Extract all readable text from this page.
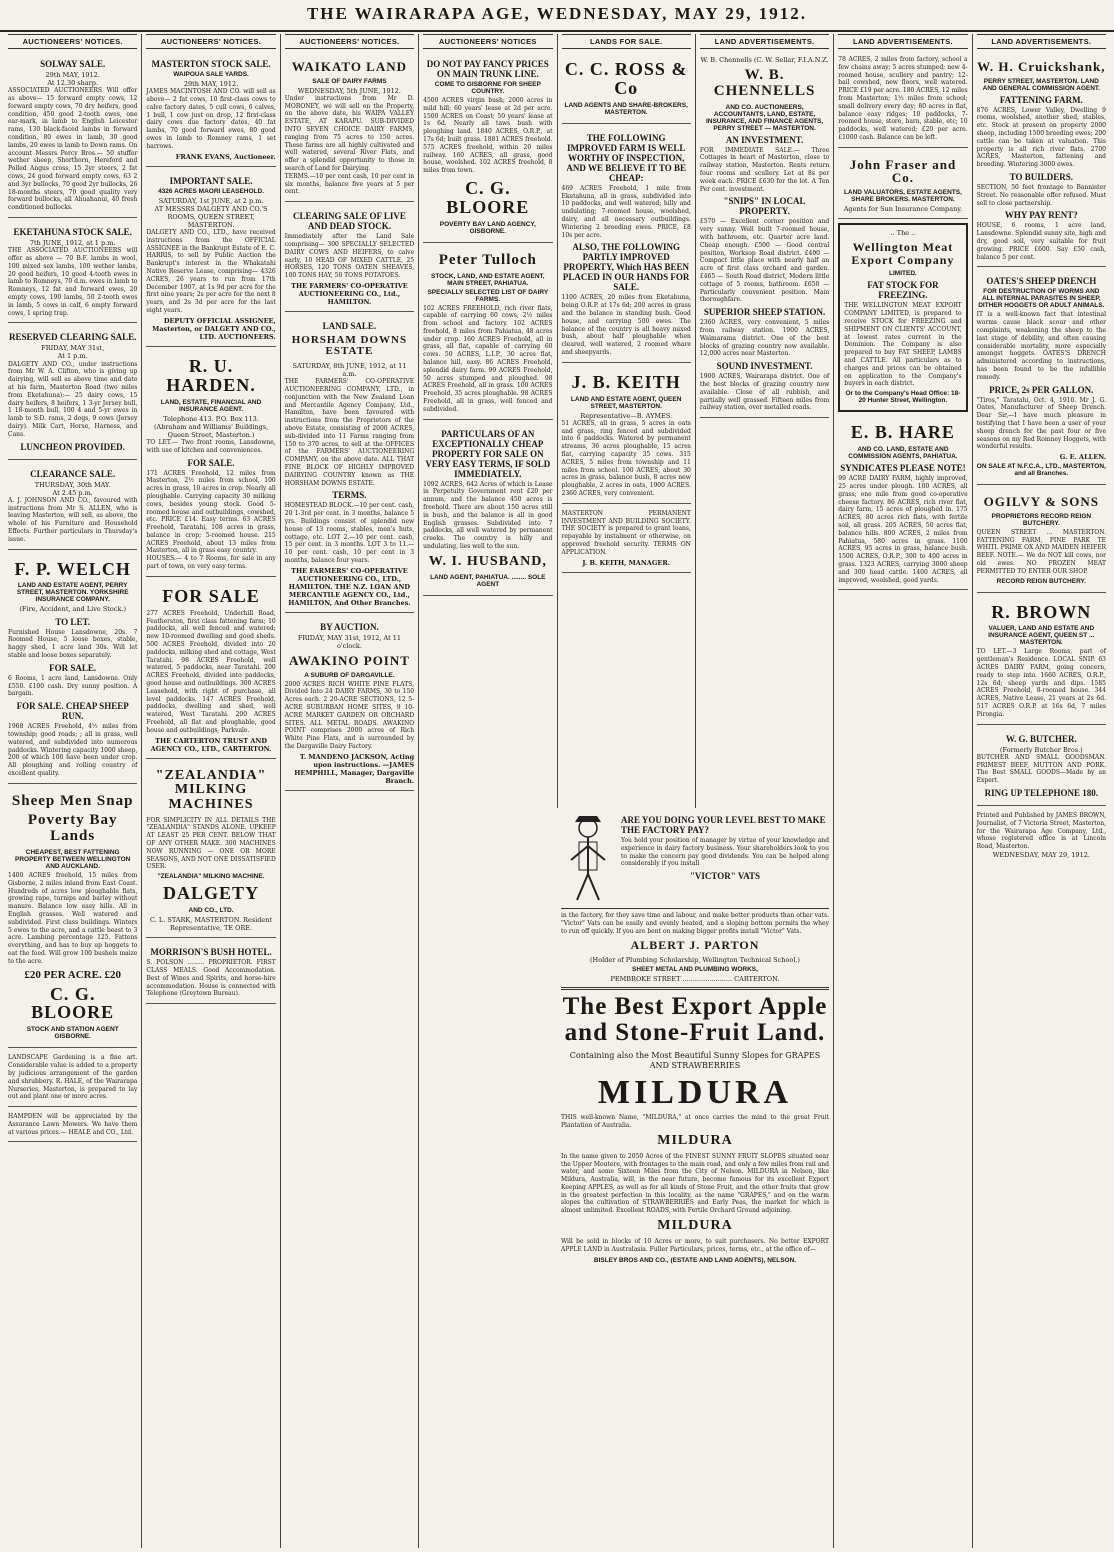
THE WAIRARAPA AGE, WEDNESDAY, MAY 29, 1912.
AUCTIONEERS' NOTICES.
SOLWAY SALE.
29th MAY, 1912.
At 12.30 sharp.
ASSOCIATED AUCTIONEERS Will offer as above— 15 forward empty cows, 12 forward empty cows, 70 dry heifers, good condition, 450 good 2-tooth ewes, one ear-mark, in lamb to English Leicester rams, 130 black-faced lambs in forward condition, 80 ewes in lamb, 30 good lambs, 20 ewes in lamb to Down rams. On account Messrs Percy Bros.— 50 stuffer wether sheep, Shorthorn, Hereford and Polled Angus cross, 15 2yr steers, 2 fat cows, 24 good forward empty cows, 63 2 and 3yr bullocks, 70 good 2yr bullocks, 26 18-months steers, 70 good quality very forward bullocks, all Ahuahanui, 40 fresh conditioned bullocks.
EKETAHUNA STOCK SALE.
7th JUNE, 1912, at 1 p.m.
THE ASSOCIATED AUCTIONEERS will offer as above — 70 B.F. lambs in wool, 100 mixed sex lambs, 100 wether lambs, 20 good heifers, 10 good 4-tooth ewes in lamb to Romneys, 70 d.m. ewes in lamb to Romneys, 12 fat and forward ewes, 20 empty cows, 190 lambs, 50 2-tooth ewes in lamb, 5 cows in calf, 6 empty forward cows, 1 spring trap.
RESERVED CLEARING SALE.
FRIDAY, MAY 31st,
At 1 p.m.
DALGETY AND CO., under instructions from Mr W. A. Clifton, who is giving up dairying, will sell as above time and date at his farm, Masterton Road (two miles from Eketahuna):— 25 dairy cows, 15 dairy heifers, 8 heifers, 1 3-yr Jersey bull, 1 18-month bull, 100 4 and 5-yr ewes in lamb to S.D. rams, 2 dogs, 9 cows (Jersey dairy). Milk Cart, Horse, Harness, and Cans.
LUNCHEON PROVIDED.
CLEARANCE SALE.
THURSDAY, 30th MAY.
At 2.45 p.m.
A. J. JOHNSON AND CO., favoured with instructions from Mr S. ALLEN, who is leaving Masterton, will sell, as above, the whole of his Furniture and Household Effects. Further particulars in Thursday's issue.
F. P. WELCH
LAND AND ESTATE AGENT, PERRY STREET, MASTERTON. YORKSHIRE INSURANCE COMPANY.
(Fire, Accident, and Live Stock.)
TO LET.
Furnished House Lansdowne, 20s. 7 Roomed House, 5 loose boxes, stable, haggy shed, 1 acre land 30s. Will let stable and loose boxes separately.
FOR SALE.
6 Rooms, 1 acre land, Lansdowne. Only £550. £100 cash. Dry sunny position. A bargain.
FOR SALE. CHEAP SHEEP RUN.
1968 ACRES Freehold, 4½ miles from township; good roads; ; all in grass, well watered, and subdivided into numerous paddocks. Wintering capacity 1000 sheep, 200 of which 100 have been under crop. All ploughing and rolling country of excellent quality.
Sheep Men Snap
Poverty Bay Lands
CHEAPEST, BEST FATTENING PROPERTY BETWEEN WELLINGTON AND AUCKLAND.
1400 ACRES freehold, 15 miles from Gisborne, 2 miles inland from East Coast. Hundreds of acres low ploughable flats, growing rape, turnips and barley without manure. Balance low easy hills. All in English grasses. Well watered and subdivided. First class buildings. Winters 5 ewes to the acre, and a cattle beast to 3 acre. Lambing percentage 125. Fattens everything, and has to buy up hoggets to eat the feed. Will grow 100 bushels maize to the acre.
£20 PER ACRE. £20
C. G. BLOORE
STOCK AND STATION AGENT GISBORNE.
LANDSCAPE Gardening is a fine art. Considerable value is added to a property by judicious arrangement of the garden and shrubbery. R. HALE, of the Wairarapa Nurseries, Masterton, is prepared to lay out and plant one or more acres.
HAMPDEN will be appreciated by the Assurance Lawn Mowers. We have them at various prices.— HEALE and CO., Ltd.
AUCTIONEERS' NOTICES.
MASTERTON STOCK SALE.
WAIPOUA SALE YARDS.
29th MAY, 1912.
JAMES MACINTOSH AND CO. will sell as above— 2 fat cows, 10 first-class cows to calve factory dates, 5 cull cows, 6 calves, 1 bull, 1 cow just on drop, 12 first-class dairy cows due factory dates, 40 fat lambs, 70 good forward ewes, 80 good ewes in lamb to Romney rams, 1 set harrows.
FRANK EVANS, Auctioneer.
IMPORTANT SALE.
4326 ACRES MAORI LEASEHOLD.
SATURDAY, 1st JUNE, at 2 p.m.
AT MESSRS DALGETY AND CO.'S ROOMS, QUEEN STREET, MASTERTON.
DALGETY AND CO., LTD., have received instructions from the OFFICIAL ASSIGNEE in the Bankrupt Estate of E. C. HARRIS, to sell by Public Auction the Bankrupt's interest in the Whakatahi Native Reserve Lease, comprising— 4326 ACRES, 26 years to run from 17th December 1907, at 1s 9d per acre for the first nine years; 2s per acre for the next 8 years, and 2s 3d per acre for the last eight years.
DEPUTY OFFICIAL ASSIGNEE, Masterton, or DALGETY AND CO., LTD. AUCTIONEERS.
R. U. HARDEN.
LAND, ESTATE, FINANCIAL AND INSURANCE AGENT.
Telephone 413. P.O. Box 113.
(Abraham and Williams' Buildings, Queen Street, Masterton.)
TO LET.— Two front rooms, Lansdowne, with use of kitchen and conveniences.
FOR SALE.
171 ACRES Freehold, 12 miles from Masterton, 2½ miles from school, 100 acres in grass, 10 acres in crop. Nearly all ploughable. Carrying capacity 30 milking cows, besides young stock. Good 5-roomed house and outbuildings, cowshed, etc. PRICE £14. Easy terms. 63 ACRES Freehold, Taratahi, 108 acres in grass, balance in crop; 5-roomed house. 215 ACRES Freehold, about 13 miles from Masterton, all in grass easy country.
HOUSES.— 4 to 7 Rooms, for sale in any part of town, on very easy terms.
FOR SALE
277 ACRES Freehold, Underhill Road, Featherston, first class fattening farm; 10 paddocks, all well fenced and watered; new 10-roomed dwelling and good sheds. 500 ACRES Freehold, divided into 20 paddocks, milking shed and cottage, West Taratahi. 98 ACRES Freehold, well watered, 5 paddocks, near Taratahi. 200 ACRES Freehold, divided into paddocks, good house and outbuildings. 300 ACRES Leasehold, with right of purchase, all level paddocks. 147 ACRES Freehold, paddocks, dwelling and shed, well watered, West Taratahi. 200 ACRES Freehold, all flat and ploughable, good house and outbuildings, Parkvale.
THE CARTERTON TRUST AND AGENCY CO., LTD., CARTERTON.
"ZEALANDIA" MILKING MACHINES
FOR SIMPLICITY IN ALL DETAILS THE "ZEALANDIA" STANDS ALONE. UPKEEP AT LEAST 25 PER CENT. BELOW THAT OF ANY OTHER MAKE. 300 MACHINES NOW RUNNING — ONE OR MORE SEASONS, AND NOT ONE DISSATISFIED USER.
"ZEALANDIA" MILKING MACHINE.
DALGETY
AND CO., LTD.
C. L. STARK, MASTERTON. Resident Representative, TE ORE.
MORRISON'S BUSH HOTEL.
S. POLSON ......... PROPRIETOR. FIRST CLASS MEALS. Good Accommodation. Best of Wines and Spirits, and horse-hire accommodation. House is connected with Telephone (Greytown Bureau).
AUCTIONEERS' NOTICES.
WAIKATO LAND
SALE OF DAIRY FARMS
WEDNESDAY, 5th JUNE, 1912.
Under instructions from Mr D. MORONEY, we will sell on the Property, on the above date, his WAIPA VALLEY ESTATE, AT KARAPU. SUB-DIVIDED INTO SEVEN CHOICE DAIRY FARMS, ranging from 75 acres to 150 acres. These farms are all highly cultivated and well watered, several River Flats, and offer a splendid opportunity to those in search of Land for Dairying.
TERMS.—10 per cent cash, 10 per cent in six months, balance five years at 5 per cent.
CLEARING SALE OF LIVE AND DEAD STOCK.
Immediately after the Land Sale comprising— 300 SPECIALLY SELECTED DAIRY COWS AND HEIFERS, to calve early, 10 HEAD OF MIXED CATTLE, 25 HORSES, 120 TONS OATEN SHEAVES, 100 TONS HAY, 50 TONS POTATOES.
THE FARMERS' CO-OPERATIVE AUCTIONEERING CO., Ltd., HAMILTON.
LAND SALE.
HORSHAM DOWNS ESTATE
SATURDAY, 8th JUNE, 1912, at 11 a.m.
THE FARMERS' CO-OPERATIVE AUCTIONEERING COMPANY, LTD., in conjunction with the New Zealand Loan and Mercantile Agency Company, Ltd., Hamilton, have been favoured with instructions from the Proprietors of the above Estate, consisting of 2000 ACRES, sub-divided into 11 Farms ranging from 150 to 370 acres, to sell at the OFFICES of the FARMERS' AUCTIONEERING COMPANY, on the above date. ALL THAT FINE BLOCK OF HIGHLY IMPROVED DAIRYING COUNTRY known as THE HORSHAM DOWNS ESTATE.
TERMS.
HOMESTEAD BLOCK.—10 per cent. cash, 20 1-3rd per cent. in 3 months, balance 5 yrs. Buildings consist of splendid new house of 13 rooms, stables, men's huts, cottage, etc. LOT 2.—10 per cent. cash, 15 per cent. in 3 months. LOT 3 to 11.—10 per cent. cash, 10 per cent in 3 months, balance four years.
THE FARMERS' CO-OPERATIVE AUCTIONEERING CO., LTD., HAMILTON. THE N.Z. LOAN AND MERCANTILE AGENCY CO., Ltd., HAMILTON, And Other Branches.
BY AUCTION.
FRIDAY, MAY 31st, 1912, At 11 o'clock.
AWAKINO POINT
A SUBURB OF DARGAVILLE.
2000 ACRES RICH WHITE PINE FLATS, Divided Into 24 DAIRY FARMS, 30 to 150 Acres each. 2 20-ACRE SECTIONS, 12 5-ACRE SUBURBAN HOME SITES, 9 10-ACRE MARKET GARDEN OR ORCHARD SITES. ALL METAL ROADS. AWAKINO POINT comprises 2000 acres of Rich White Pine Flats, and is surrounded by the Dargaville Dairy Factory.
T. MANDENO JACKSON, Acting upon instructions. —JAMES HEMPHILL, Manager, Dargaville Branch.
AUCTIONEERS' NOTICES
DO NOT PAY FANCY PRICES ON MAIN TRUNK LINE.
COME TO GISBORNE FOR SHEEP COUNTRY.
4500 ACRES virgin bush; 2000 acres in mild hill; 60 years' lease at 2d per acre. 1500 ACRES on Coast; 50 years' lease at 1s 6d. Nearly all taws bush with ploughing land. 1840 ACRES, O.R.P., at 17s 6d; built grass. 1881 ACRES freehold. 575 ACRES freehold, within 20 miles railway. 160 ACRES, all grass, good house, woolshed. 102 ACRES freehold, 8 miles from town.
C. G. BLOORE
POVERTY BAY LAND AGENCY, GISBORNE.
Peter Tulloch
STOCK, LAND, AND ESTATE AGENT, MAIN STREET, PAHIATUA.
SPECIALLY SELECTED LIST OF DAIRY FARMS.
102 ACRES FREEHOLD, rich river flats, capable of carrying 60 cows, 2½ miles from school and factory. 102 ACRES freehold, 8 miles from Pahiatua, 48 acres under crop. 160 ACRES Freehold, all in grass, all flat, capable of carrying 60 cows. 50 ACRES, L.I.P., 30 acres flat, balance hill, easy. 86 ACRES Freehold, splendid dairy farm. 99 ACRES Freehold, 50 acres stumped and ploughed. 98 ACRES Freehold, all in grass. 100 ACRES Freehold, 35 acres ploughable. 98 ACRES Freehold, all in grass, well fenced and subdivided.
PARTICULARS OF AN EXCEPTIONALLY CHEAP PROPERTY FOR SALE ON VERY EASY TERMS, IF SOLD IMMEDIATELY.
1092 ACRES, 642 Acres of which is Lease in Perpetuity Government rent £20 per annum, and the balance 450 acres is freehold. There are about 150 acres still in bush, and the balance is all in good English grasses. Subdivided into 7 paddocks, all well watered by permanent creeks. The country is hilly and undulating, lies well to the sun.
W. I. HUSBAND,
LAND AGENT, PAHIATUA. ........ SOLE AGENT
LANDS FOR SALE.
C. C. ROSS & Co
LAND AGENTS AND SHARE-BROKERS, MASTERTON.
THE FOLLOWING IMPROVED FARM IS WELL WORTHY OF INSPECTION, AND WE BELIEVE IT TO BE CHEAP:
469 ACRES Freehold, 1 mile from Eketahuna, all in grass, subdivided into 10 paddocks, and well watered; hilly and undulating; 7-roomed house, woolshed, dairy, and all necessary outbuildings. Wintering 2 breeding ewes. PRICE, £8 10s per acre.
ALSO, THE FOLLOWING PARTLY IMPROVED PROPERTY, Which HAS BEEN PLACED IN OUR HANDS FOR SALE.
1100 ACRES, 20 miles from Eketahuna, being O.R.P. at 17s 6d; 200 acres in grass and the balance in standing bush. Good house, and carrying 500 ewes. The balance of the country is all heavy mixed bush, about half ploughable when cleared, well watered, 2 roomed whare and sheepyards.
J. B. KEITH
LAND AND ESTATE AGENT, QUEEN STREET, MASTERTON.
Representative—B. AYMES.
51 ACRES, all in grass, 5 acres in oats and grass, ring fenced and subdivided into 6 paddocks. Watered by permanent streams, 36 acres ploughable, 15 acres flat, carrying capacity 35 cows. 315 ACRES, 5 miles from township and 11 miles from school. 100 ACRES, about 30 acres in grass, balance bush, 8 acres new ploughable, 2 acres in oats, 1900 ACRES. 2360 ACRES, very convenient.
MASTERTON PERMANENT INVESTMENT AND BUILDING SOCIETY. THE SOCIETY is prepared to grant loans, repayable by instalment or otherwise, on approved freehold security. TERMS ON APPLICATION.
J. B. KEITH, MANAGER.
LAND ADVERTISEMENTS.
W. B. Chennells (C. W. Sellar, F.I.A.N.Z.
W. B. CHENNELLS
AND CO. AUCTIONEERS, ACCOUNTANTS, LAND, ESTATE, INSURANCE, AND FINANCE AGENTS, PERRY STREET — MASTERTON.
AN INVESTMENT.
FOR IMMEDIATE SALE.— Three Cottages in heart of Masterton, close to railway station, Masterton. Rents return four rooms and scullery. Let at 8s per week each. PRICE £630 for the lot. A Ten Per cent. investment.
"SNIPS" IN LOCAL PROPERTY.
£570 — Excellent corner position and very sunny. Well built 7-roomed house, with bathroom, etc. Quarter acre land. Cheap enough. £500 — Good central position, Worksop Road district. £400 — Compact little place with nearly half an acre of first class orchard and garden. £465 — South Road district, Modern little cottage of 5 rooms, bathroom. £650 — Particularly convenient position. Main thoroughfare.
SUPERIOR SHEEP STATION.
2360 ACRES, very convenient, 5 miles from railway station. 1900 ACRES, Waimarama district. One of the best blocks of grazing country now available. 12,000 acres near Masterton.
SOUND INVESTMENT.
1900 ACRES, Wairarapa district. One of the best blocks of grazing country now available. Close of all rubbish, and partially well grassed. Fifteen miles from railway station, over metalled roads.
LAND ADVERTISEMENTS.
78 ACRES, 2 miles from factory, school a few chains away; 5 acres stumped; new 4-roomed house, scullery and pantry; 12-bail cowshed, new floors, well watered. PRICE £19 per acre. 180 ACRES, 12 miles from Masterton; 1½ miles from school; small delivery every day; 80 acres in flat, balance easy ridges; 10 paddocks, 7-roomed house, store, barn, stable, etc; 10 paddocks, well watered; £20 per acre. £1000 cash. Balance can be left.
John Fraser and Co.
LAND VALUATORS, ESTATE AGENTS, SHARE BROKERS. MASTERTON.
Agents for Sun Insurance Company.
.. The ..
Wellington Meat Export Company
LIMITED.
FAT STOCK FOR FREEZING.
THE WELLINGTON MEAT EXPORT COMPANY LIMITED, is prepared to receive STOCK for FREEZING and SHIPMENT ON CLIENTS' ACCOUNT, at lowest rates current in the Dominion. The Company is also prepared to buy FAT SHEEP, LAMBS and CATTLE. All particulars as to charges and prices can be obtained on application to the Company's buyers in each district.
Or to the Company's Head Office: 18-20 Hunter Street, Wellington.
E. B. HARE
AND CO. LAND, ESTATE AND COMMISSION AGENTS, PAHIATUA.
SYNDICATES PLEASE NOTE!
99 ACRE DAIRY FARM, highly improved, 25 acres under plough. 100 ACRES, all grass; one mile from good co-operative cheese factory. 86 ACRES, rich river flat, dairy farm, 15 acres of ploughed in. 175 ACRES, 80 acres rich flats, with fertile soil, all grass. 205 ACRES, 50 acres flat, balance hills. 800 ACRES, 2 miles from Pahiatua, 580 acres in grass. 1100 ACRES, 95 acres in grass, balance bush. 1500 ACRES, O.R.P., 300 to 400 acres in grass. 1323 ACRES, carrying 3000 sheep and 300 head cattle. 1400 ACRES, all improved, woolshed, good yards.
LAND ADVERTISEMENTS.
W. H. Cruickshank,
PERRY STREET, MASTERTON. LAND AND GENERAL COMMISSION AGENT.
FATTENING FARM.
876 ACRES, Lower Valley, Dwelling 9 rooms, woolshed, another shed, stables, etc. Stock at present on property 2000 sheep, including 1500 breeding ewes; 200 cattle can be taken at valuation. This property is all rich river flats. 2700 ACRES, Masterton, fattening and breeding. Wintering 3000 ewes.
TO BUILDERS.
SECTION, 50 feet frontage to Bannister Street. No reasonable offer refused. Must sell to close partnership.
WHY PAY RENT?
HOUSE, 6 rooms, 1 acre land, Lansdowne. Splendid sunny site, high and dry, good soil, very suitable for fruit growing. PRICE £600. Say £50 cash, balance 5 per cent.
OATES'S SHEEP DRENCH
FOR DESTRUCTION OF WORMS AND ALL INTERNAL PARASITES IN SHEEP, DITHER HOGGETS OR ADULT ANIMALS.
IT is a well-known fact that intestinal worms cause black scour and other complaints, weakening the sheep to the last stage of debility, and often causing considerable mortality, more especially amongst hoggets. OATES'S DRENCH administered according to instructions, has been found to be the infallible remedy.
PRICE, 2s PER GALLON.
"Tiros," Taratahi, Oct. 4, 1910. Mr J. G. Oates, Manufacturer of Sheep Drench. Dear Sir,—I have much pleasure in testifying that I have been a user of your sheep drench for the past four or five seasons on my Red Romney Hoggets, with wonderful results.
G. E. ALLEN.
ON SALE AT N.F.C.A., LTD., MASTERTON, and all Branches.
OGILVY & SONS
PROPRIETORS RECORD REIGN BUTCHERY.
QUEEN STREET ... MASTERTON. FATTENING FARM, PINE PARK TE WHITI. PRIME OX AND MAIDEN HEIFER BEEF. NOTE.— We do NOT kill cows, nor old ewes. NO FROZEN MEAT PERMITTED TO ENTER OUR SHOP.
RECORD REIGN BUTCHERY.
R. BROWN
VALUER, LAND AND ESTATE AND INSURANCE AGENT, QUEEN ST ... MASTERTON.
TO LET.—3 Large Rooms, part of gentleman's Residence. LOCAL SNIP. 63 ACRES DAIRY FARM, going concern, ready to step into. 1660 ACRES, O.R.P., 12s 6d; sheep yards and dips. 1585 ACRES Freehold, 8-roomed house. 344 ACRES, Native Lease, 21 years at 2s 6d. 517 ACRES O.R.P. at 16s 6d, 7 miles Pirongia.
W. G. BUTCHER.
(Formerly Butcher Bros.)
BUTCHER AND SMALL GOODSMAN. PRIMEST BEEF, MUTTON AND PORK. The Best SMALL GOODS—Made by an Expert.
RING UP TELEPHONE 180.
Printed and Published by JAMES BROWN, Journalist, of 7 Victoria Street, Masterton, for the Wairarapa Age Company, Ltd., whose registered office is at Lincoln Road, Masterton.
WEDNESDAY, MAY 29, 1912.
ARE YOU DOING YOUR LEVEL BEST TO MAKE THE FACTORY PAY?
You hold your position of manager by virtue of your knowledge and experience in dairy factory business. Your shareholders look to you to make the concern pay good dividends. You can be helped along considerably if you install
"VICTOR" VATS
in the factory, for they save time and labour, and make better products than other vats. "Victor" Vats can be easily and evenly heated, and a sloping bottom permits the whey to run off quickly. If you are bent on making bigger profits install "Victor" Vats.
ALBERT J. PARTON
(Holder of Plumbing Scholarship, Wellington Technical School.)
SHEET METAL AND PLUMBING WORKS,
PEMBROKE STREET ........................ CARTERTON.
The Best Export Apple and Stone-Fruit Land.
Containing also the Most Beautiful Sunny Slopes for GRAPES AND STRAWBERRIES
MILDURA
THIS well-known Name, "MILDURA," at once carries the mind to the great Fruit Plantation of Australia.
MILDURA
In the name given to 2050 Acres of the FINEST SUNNY FRUIT SLOPES situated near the Upper Moutere, with frontages to the main road, and only a few miles from rail and water, and some Sixteen Miles from the City of Nelson. MILDURA in Nelson, like Mildura, Australia, will, in the near future, become famous for its excellent Export Keeping APPLES, as well as for all kinds of Stone Fruit, and the other fruits that grow in the greatest perfection in this locality, as the name "GRAPES," and on the warm slopes the cultivation of STRAWBERRIES and Early Peas, the market for which is almost unlimited. Excellent ROADS, with Fertile Orchard Ground adjoining.
MILDURA
Will be sold in blocks of 10 Acres or more, to suit purchasers. No better EXPORT APPLE LAND in Australasia. Fuller Particulars, prices, terms, etc., at the office of—
BISLEY BROS AND CO., (ESTATE AND LAND AGENTS), NELSON.
